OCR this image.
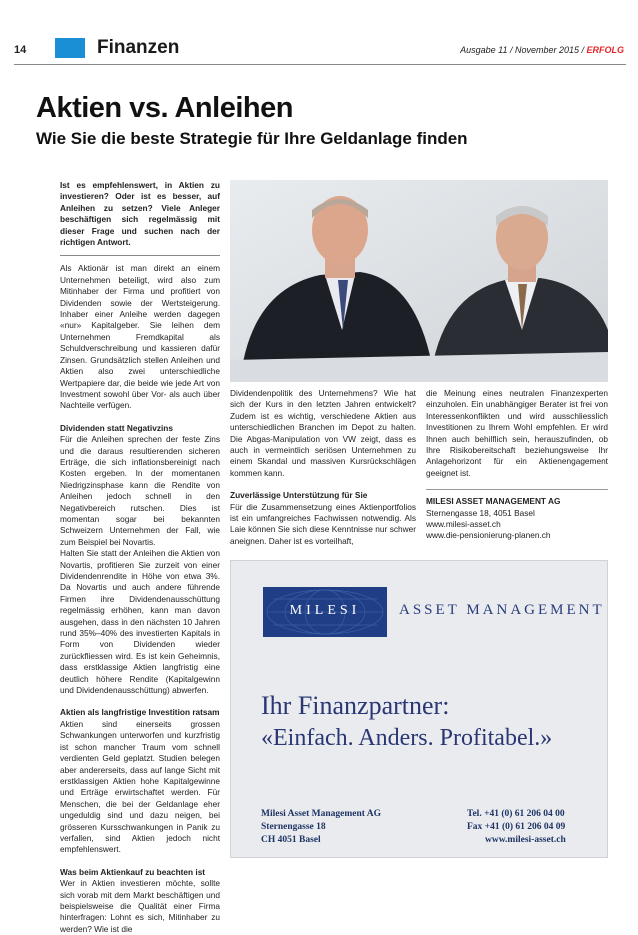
14	Finanzen	Ausgabe 11 / November 2015 / ERFOLG
Aktien vs. Anleihen
Wie Sie die beste Strategie für Ihre Geldanlage finden

Ist es empfehlenswert, in Aktien zu investieren? Oder ist es besser, auf Anleihen zu setzen? Viele Anleger beschäftigen sich regelmässig mit dieser Frage und suchen nach der richtigen Antwort.

Als Aktionär ist man direkt an einem Unternehmen beteiligt, wird also zum Mitinhaber der Firma und profitiert von Dividenden sowie der Wertsteigerung. Inhaber einer Anleihe werden dagegen «nur» Kapitalgeber. Sie leihen dem Unternehmen Fremdkapital als Schuldverschreibung und kassieren dafür Zinsen. Grundsätzlich stellen Anleihen und Aktien also zwei unterschiedliche Wertpapiere dar, die beide wie jede Art von Investment sowohl über Vor- als auch über Nachteile verfügen.

Dividenden statt Negativzins

Für die Anleihen sprechen der feste Zins und die daraus resultierenden sicheren Erträge, die sich inflationsbereinigt nach Kosten ergeben. In der momentanen Niedrigzinsphase kann die Rendite von Anleihen jedoch schnell in den Negativbereich rutschen. Dies ist momentan sogar bei bekannten Schweizern Unternehmen der Fall, wie zum Beispiel bei Novartis.

Halten Sie statt der Anleihen die Aktien von Novartis, profitieren Sie zurzeit von einer Dividendenrendite in Höhe von etwa 3%. Da Novartis und auch andere führende Firmen ihre Dividendenausschüttung regelmässig erhöhen, kann man davon ausgehen, dass in den nächsten 10 Jahren rund 35%–40% des investierten Kapitals in Form von Dividenden wieder zurückfliessen wird. Es ist kein Geheimnis, dass erstklassige Aktien langfristig eine deutlich höhere Rendite (Kapitalgewinn und Dividendenausschüttung) abwerfen.

Aktien als langfristige Investition ratsam

Aktien sind einerseits grossen Schwankungen unterworfen und kurzfristig ist schon mancher Traum vom schnell verdienten Geld geplatzt. Studien belegen aber andererseits, dass auf lange Sicht mit erstklassigen Aktien hohe Kapitalgewinne und Erträge erwirtschaftet werden. Für Menschen, die bei der Geldanlage eher ungeduldig sind und dazu neigen, bei grösseren Kursschwankungen in Panik zu verfallen, sind Aktien jedoch nicht empfehlenswert.

Was beim Aktienkauf zu beachten ist

Wer in Aktien investieren möchte, sollte sich vorab mit dem Markt beschäftigen und beispielsweise die Qualität einer Firma hinterfragen: Lohnt es sich, Mitinhaber zu werden? Wie ist die

Dividendenpolitik des Unternehmens? Wie hat sich der Kurs in den letzten Jahren entwickelt? Zudem ist es wichtig, verschiedene Aktien aus unterschiedlichen Branchen im Depot zu halten. Die Abgas-Manipulation von VW zeigt, dass es auch in vermeintlich seriösen Unternehmen zu einem Skandal und massiven Kursrückschlägen kommen kann.

Zuverlässige Unterstützung für Sie

Für die Zusammensetzung eines Aktienportfolios ist ein umfangreiches Fachwissen notwendig. Als Laie können Sie sich diese Kenntnisse nur schwer aneignen. Daher ist es vorteilhaft,

die Meinung eines neutralen Finanzexperten einzuholen. Ein unabhängiger Berater ist frei von Interessenkonflikten und wird ausschliesslich Investitionen zu Ihrem Wohl empfehlen. Er wird Ihnen auch behilflich sein, herauszufinden, ob Ihre Risikobereitschaft beziehungsweise Ihr Anlagehorizont für ein Aktienengagement geeignet ist.

MILESI ASSET MANAGEMENT AG

Sternengasse 18, 4051 Basel

www.milesi-asset.ch

www.die-pensionierung-planen.ch

MILESI	ASSET MANAGEMENT
Ihr Finanzpartner:
«Einfach. Anders. Profitabel.»
Milesi Asset Management AG
Sternengasse 18
CH 4051 Basel
Tel. +41 (0) 61 206 04 00
Fax +41 (0) 61 206 04 09
www.milesi-asset.ch
